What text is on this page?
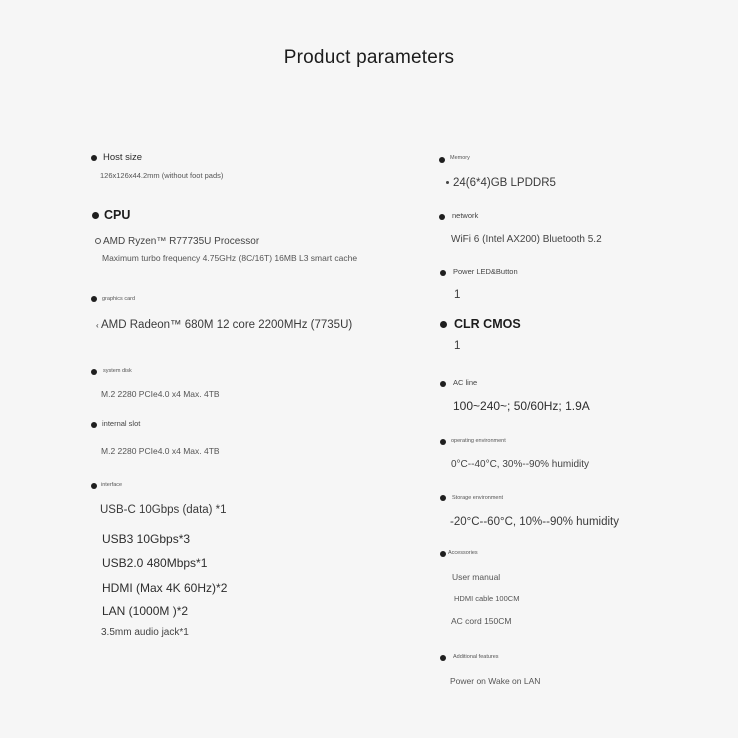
Product parameters
Host size
126x126x44.2mm (without foot pads)
CPU
AMD Ryzen™ R77735U Processor
Maximum turbo frequency 4.75GHz (8C/16T) 16MB L3 smart cache
graphics card
‹ AMD Radeon™ 680M 12 core 2200MHz (7735U)
system disk
M.2 2280 PCIe4.0 x4 Max. 4TB
internal slot
M.2 2280 PCIe4.0 x4 Max. 4TB
interface
USB-C 10Gbps (data) *1
USB3 10Gbps*3
USB2.0 480Mbps*1
HDMI (Max 4K 60Hz)*2
LAN (1000M )*2
3.5mm audio jack*1
Memory
24(6*4)GB LPDDR5
network
WiFi 6 (Intel AX200) Bluetooth 5.2
Power LED&Button
1
CLR CMOS
1
AC line
100~240~; 50/60Hz; 1.9A
operating environment
0°C--40°C, 30%--90% humidity
Storage environment
-20°C--60°C, 10%--90% humidity
Accessories
User manual
HDMI cable 100CM
AC cord 150CM
Additional features
Power on Wake on LAN
